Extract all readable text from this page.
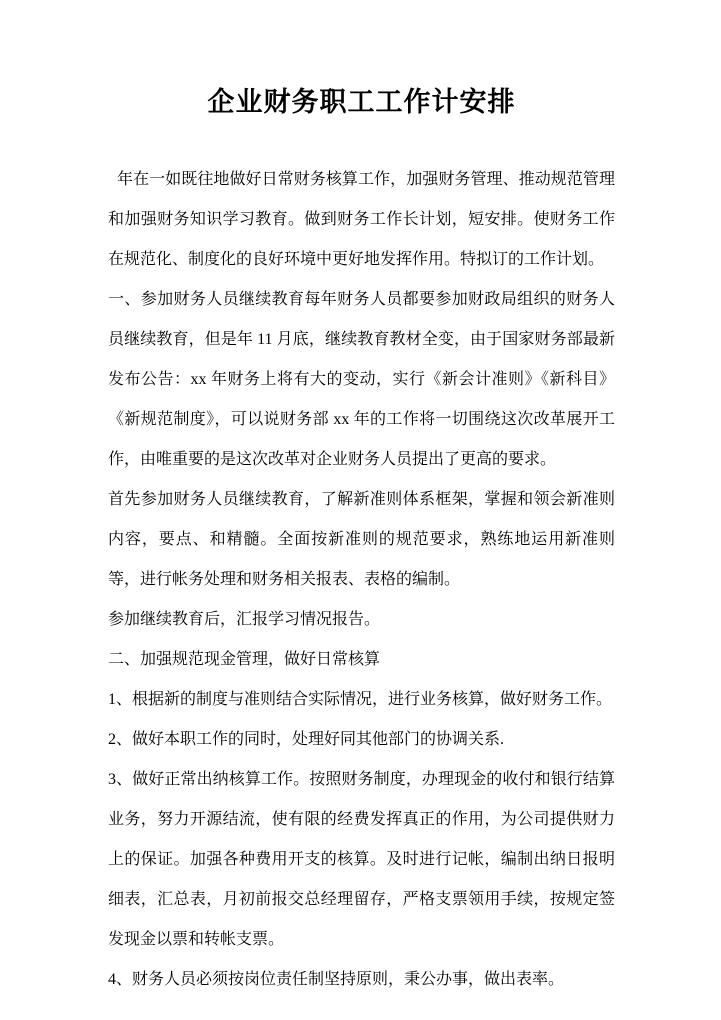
企业财务职工工作计安排

年在一如既往地做好日常财务核算工作，加强财务管理、推动规范管理和加强财务知识学习教育。做到财务工作长计划，短安排。使财务工作在规范化、制度化的良好环境中更好地发挥作用。特拟订的工作计划。

一、参加财务人员继续教育每年财务人员都要参加财政局组织的财务人员继续教育，但是年 11 月底，继续教育教材全变，由于国家财务部最新发布公告：xx 年财务上将有大的变动，实行《新会计准则》《新科目》《新规范制度》，可以说财务部 xx 年的工作将一切围绕这次改革展开工作，由唯重要的是这次改革对企业财务人员提出了更高的要求。

首先参加财务人员继续教育，了解新准则体系框架，掌握和领会新准则内容，要点、和精髓。全面按新准则的规范要求，熟练地运用新准则等，进行帐务处理和财务相关报表、表格的编制。

参加继续教育后，汇报学习情况报告。

二、加强规范现金管理，做好日常核算

1、根据新的制度与准则结合实际情况，进行业务核算，做好财务工作。

2、做好本职工作的同时，处理好同其他部门的协调关系.

3、做好正常出纳核算工作。按照财务制度，办理现金的收付和银行结算业务，努力开源结流，使有限的经费发挥真正的作用，为公司提供财力上的保证。加强各种费用开支的核算。及时进行记帐，编制出纳日报明细表，汇总表，月初前报交总经理留存，严格支票领用手续，按规定签发现金以票和转帐支票。

4、财务人员必须按岗位责任制坚持原则，秉公办事，做出表率。
